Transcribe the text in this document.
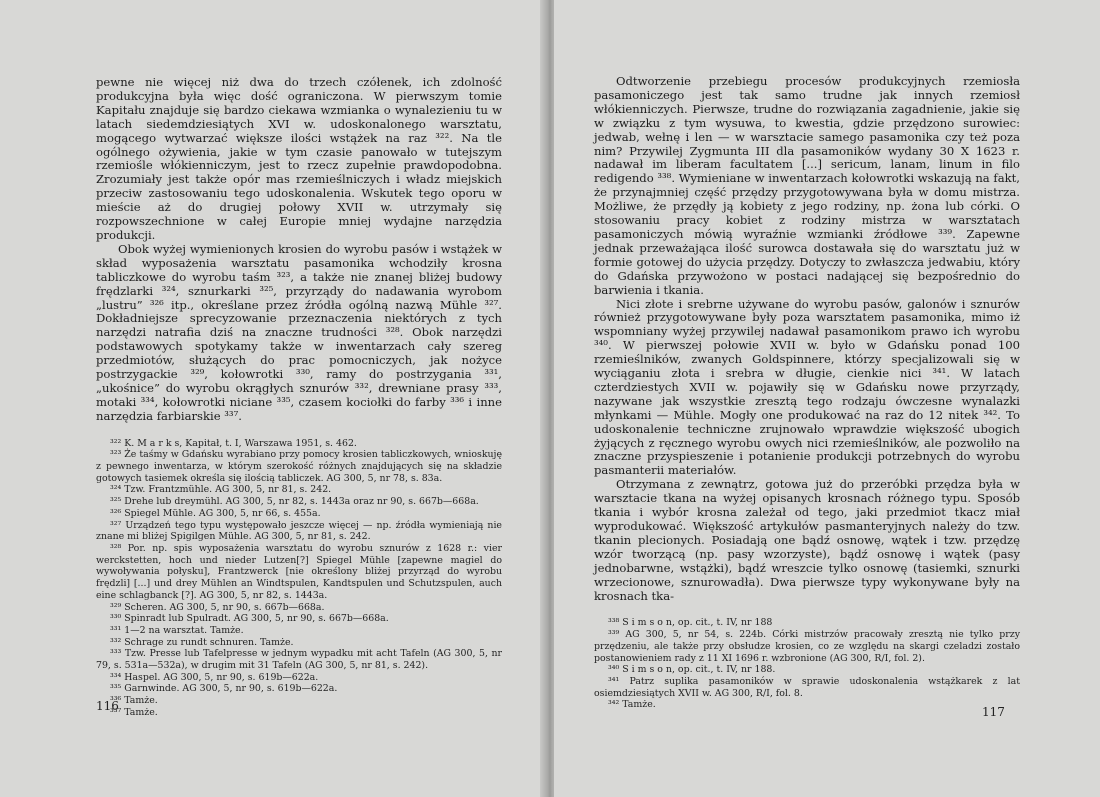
pewne nie więcej niż dwa do trzech czółenek, ich zdolność produkcyjna była więc dość ograniczona. W pierwszym tomie Kapitału znajduje się bardzo ciekawa wzmianka o wynalezieniu tu w latach siedemdziesiątych XVI w. udoskonalonego warsztatu, mogącego wytwarzać większe ilości wstążek na raz ³²². Na tle ogólnego ożywienia, jakie w tym czasie panowało w tutejszym rzemiośle włókienniczym, jest to rzecz zupełnie prawdopodobna. Zrozumiały jest także opór mas rzemieślniczych i władz miejskich przeciw zastosowaniu tego udoskonalenia. Wskutek tego oporu w mieście aż do drugiej połowy XVII w. utrzymały się rozpowszechnione w całej Europie mniej wydajne narzędzia produkcji.

Obok wyżej wymienionych krosien do wyrobu pasów i wstążek w skład wyposażenia warsztatu pasamonika wchodziły krosna tabliczkowe do wyrobu taśm ³²³, a także nie znanej bliżej budowy frędzlarki ³²⁴, sznurkarki ³²⁵, przyrządy do nadawania wyrobom „lustru” ³²⁶ itp., określane przez źródła ogólną nazwą Mühle ³²⁷. Dokładniejsze sprecyzowanie przeznaczenia niektórych z tych narzędzi natrafia dziś na znaczne trudności ³²⁸. Obok narzędzi podstawowych spotykamy także w inwentarzach cały szereg przedmiotów, służących do prac pomocniczych, jak nożyce postrzygackie ³²⁹, kołowrotki ³³⁰, ramy do postrzygania ³³¹, „ukośnice” do wyrobu okrągłych sznurów ³³², drewniane prasy ³³³, motaki ³³⁴, kołowrotki niciane ³³⁵, czasem kociołki do farby ³³⁶ i inne narzędzia farbiarskie ³³⁷.

³²² K. M a r k s, Kapitał, t. I, Warszawa 1951, s. 462.

³²³ Że taśmy w Gdańsku wyrabiano przy pomocy krosien tabliczkowych, wnioskuję z pewnego inwentarza, w którym szerokość różnych znajdujących się na składzie gotowych tasiemek określa się ilością tabliczek. AG 300, 5, nr 78, s. 83a.

³²⁴ Tzw. Frantzmühle. AG 300, 5, nr 81, s. 242.

³²⁵ Drehe lub dreymühl. AG 300, 5, nr 82, s. 1443a oraz nr 90, s. 667b—668a.

³²⁶ Spiegel Mühle. AG 300, 5, nr 66, s. 455a.

³²⁷ Urządzeń tego typu występowało jeszcze więcej — np. źródła wymieniają nie znane mi bliżej Spigilgen Mühle. AG 300, 5, nr 81, s. 242.

³²⁸ Por. np. spis wyposażenia warsztatu do wyrobu sznurów z 1628 r.: vier werckstetten, hoch und nieder Lutzen[?] Spiegel Mühle [zapewne magiel do wywoływania połysku], Frantzwerck [nie określony bliżej przyrząd do wyrobu frędzli] [...] und drey Mühlen an Windtspulen, Kandtspulen und Schutzspulen, auch eine schlagbanck [?]. AG 300, 5, nr 82, s. 1443a.

³²⁹ Scheren. AG 300, 5, nr 90, s. 667b—668a.

³³⁰ Spinradt lub Spulradt. AG 300, 5, nr 90, s. 667b—668a.

³³¹ 1—2 na warsztat. Tamże.

³³² Schrage zu rundt schnuren. Tamże.

³³³ Tzw. Presse lub Tafelpresse w jednym wypadku mit acht Tafeln (AG 300, 5, nr 79, s. 531a—532a), w drugim mit 31 Tafeln (AG 300, 5, nr 81, s. 242).

³³⁴ Haspel. AG 300, 5, nr 90, s. 619b—622a.

³³⁵ Garnwinde. AG 300, 5, nr 90, s. 619b—622a.

³³⁶ Tamże.

³³⁷ Tamże.

116

Odtworzenie przebiegu procesów produkcyjnych rzemiosła pasamoniczego jest tak samo trudne jak innych rzemiosł włókienniczych. Pierwsze, trudne do rozwiązania zagadnienie, jakie się w związku z tym wysuwa, to kwestia, gdzie przędzono surowiec: jedwab, wełnę i len — w warsztacie samego pasamonika czy też poza nim? Przywilej Zygmunta III dla pasamoników wydany 30 X 1623 r. nadawał im liberam facultatem [...] sericum, lanam, linum in filo redigendo ³³⁸. Wymieniane w inwentarzach kołowrotki wskazują na fakt, że przynajmniej część przędzy przygotowywana była w domu mistrza. Możliwe, że przędły ją kobiety z jego rodziny, np. żona lub córki. O stosowaniu pracy kobiet z rodziny mistrza w warsztatach pasamoniczych mówią wyraźnie wzmianki źródłowe ³³⁹. Zapewne jednak przeważająca ilość surowca dostawała się do warsztatu już w formie gotowej do użycia przędzy. Dotyczy to zwłaszcza jedwabiu, który do Gdańska przywożono w postaci nadającej się bezpośrednio do barwienia i tkania.

Nici złote i srebrne używane do wyrobu pasów, galonów i sznurów również przygotowywane były poza warsztatem pasamonika, mimo iż wspomniany wyżej przywilej nadawał pasamonikom prawo ich wyrobu ³⁴⁰. W pierwszej połowie XVII w. było w Gdańsku ponad 100 rzemieślników, zwanych Goldspinnere, którzy specjalizowali się w wyciąganiu złota i srebra w długie, cienkie nici ³⁴¹. W latach czterdziestych XVII w. pojawiły się w Gdańsku nowe przyrządy, nazywane jak wszystkie zresztą tego rodzaju ówczesne wynalazki młynkami — Mühle. Mogły one produkować na raz do 12 nitek ³⁴². To udoskonalenie techniczne zrujnowało wprawdzie większość ubogich żyjących z ręcznego wyrobu owych nici rzemieślników, ale pozwoliło na znaczne przyspieszenie i potanienie produkcji potrzebnych do wyrobu pasmanterii materiałów.

Otrzymana z zewnątrz, gotowa już do przeróbki przędza była w warsztacie tkana na wyżej opisanych krosnach różnego typu. Sposób tkania i wybór krosna zależał od tego, jaki przedmiot tkacz miał wyprodukować. Większość artykułów pasmanteryjnych należy do tzw. tkanin plecionych. Posiadają one bądź osnowę, wątek i tzw. przędzę wzór tworzącą (np. pasy wzorzyste), bądź osnowę i wątek (pasy jednobarwne, wstążki), bądź wreszcie tylko osnowę (tasiemki, sznurki wrzecionowe, sznurowadła). Dwa pierwsze typy wykonywane były na krosnach tka-

³³⁸ S i m s o n, op. cit., t. IV, nr 188

³³⁹ AG 300, 5, nr 54, s. 224b. Córki mistrzów pracowały zresztą nie tylko przy przędzeniu, ale także przy obsłudze krosien, co ze względu na skargi czeladzi zostało postanowieniem rady z 11 XI 1696 r. wzbronione (AG 300, R/I, fol. 2).

³⁴⁰ S i m s o n, op. cit., t. IV, nr 188.

³⁴¹ Patrz suplika pasamoników w sprawie udoskonalenia wstążkarek z lat osiemdziesiątych XVII w. AG 300, R/I, fol. 8.

³⁴² Tamże.

117
